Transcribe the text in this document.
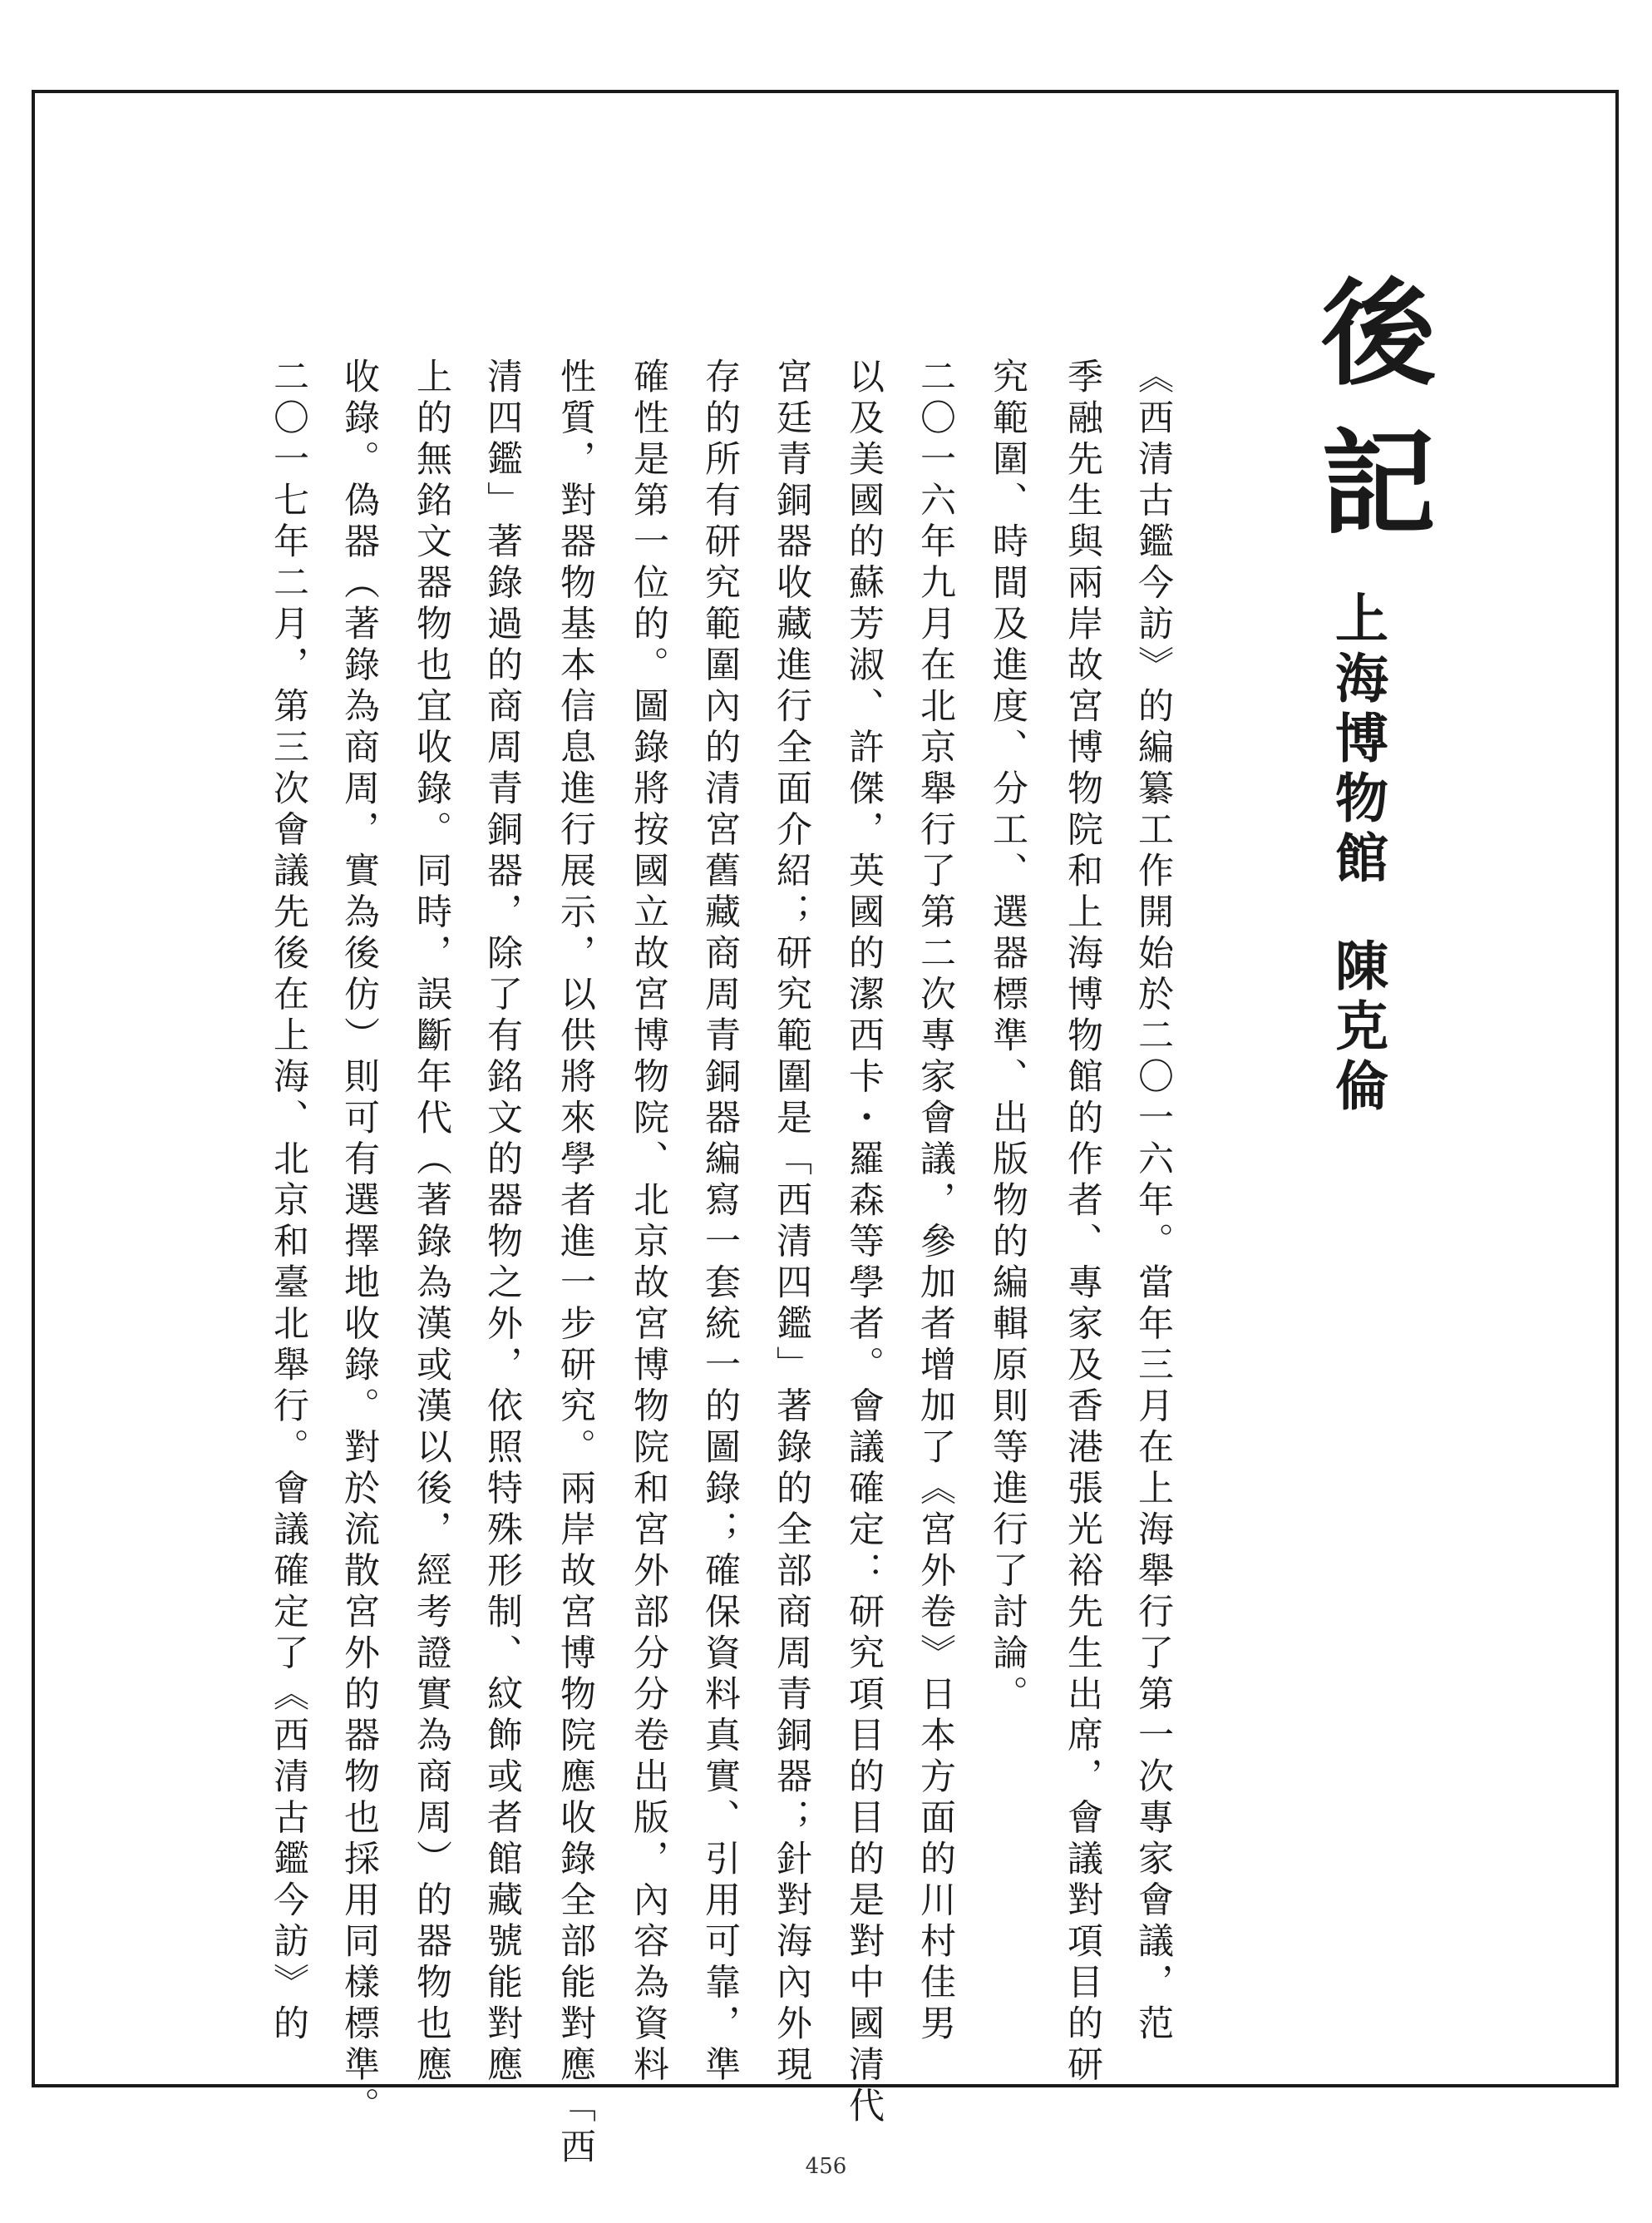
後
記
上海博物館陳克倫
《西清古鑑今訪》的編纂工作開始於二〇一六年。當年三月在上海舉行了第一次專家會議，范
季融先生與兩岸故宮博物院和上海博物館的作者、專家及香港張光裕先生出席，會議對項目的研
究範圍、時間及進度、分工、選器標準、出版物的編輯原則等進行了討論。
二〇一六年九月在北京舉行了第二次專家會議，參加者增加了《宮外卷》日本方面的川村佳男
以及美國的蘇芳淑、許傑，英國的潔西卡・羅森等學者。會議確定：研究項目的目的是對中國清代
宮廷青銅器收藏進行全面介紹；研究範圍是「西清四鑑」著錄的全部商周青銅器；針對海內外現
存的所有研究範圍內的清宮舊藏商周青銅器編寫一套統一的圖錄；確保資料真實、引用可靠，準
確性是第一位的。圖錄將按國立故宮博物院、北京故宮博物院和宮外部分分卷出版，內容為資料
性質，對器物基本信息進行展示，以供將來學者進一步研究。兩岸故宮博物院應收錄全部能對應「西
清四鑑」著錄過的商周青銅器，除了有銘文的器物之外，依照特殊形制、紋飾或者館藏號能對應
上的無銘文器物也宜收錄。同時，誤斷年代（著錄為漢或漢以後，經考證實為商周）的器物也應
收錄。偽器（著錄為商周，實為後仿）則可有選擇地收錄。對於流散宮外的器物也採用同樣標準。
二〇一七年二月，第三次會議先後在上海、北京和臺北舉行。會議確定了《西清古鑑今訪》的
456
